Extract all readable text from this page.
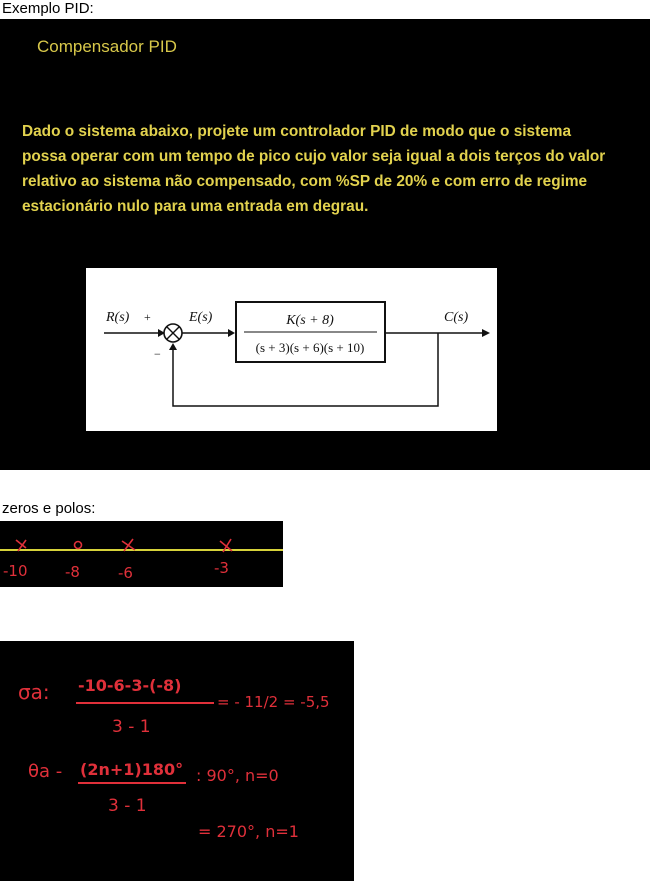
Exemplo PID:
Compensador PID
Dado o sistema abaixo, projete um controlador PID de modo que o sistema possa operar com um tempo de pico cujo valor seja igual a dois terços do valor relativo ao sistema não compensado, com %SP de 20% e com erro de regime estacionário nulo para uma entrada em degrau.
R(s) +
−
E(s)	K(s + 8)
(s + 3)(s + 6)(s + 10)
C(s)
zeros e polos:
-10	-8	-6	-3
σa: -10-6-3-(-8)
3 - 1
= - 11/2 = -5,5
θa - (2n+1)180°
3 - 1
: 90°, n=0
= 270°, n=1
